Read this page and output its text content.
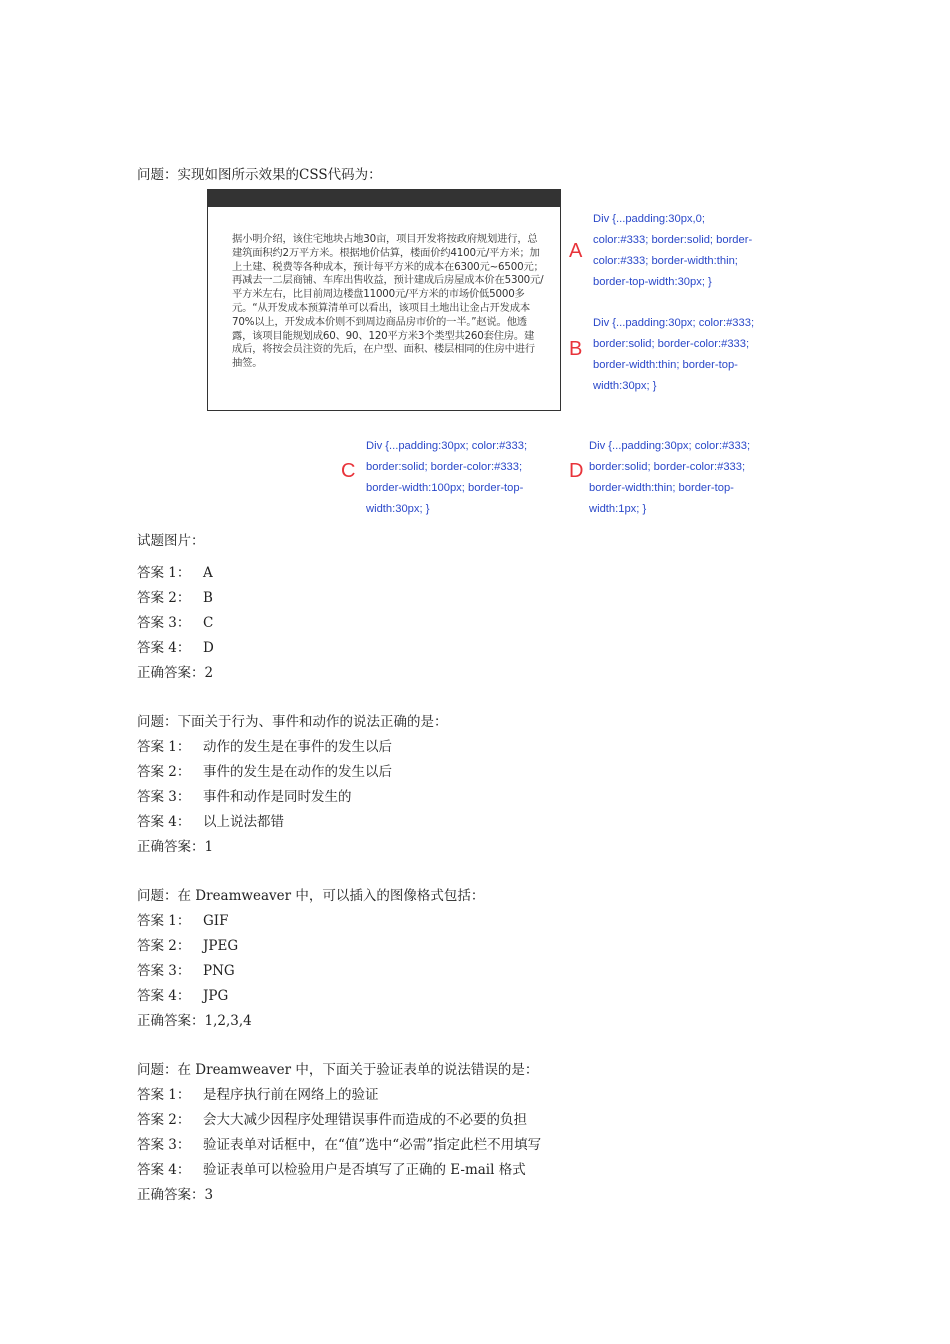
问题：实现如图所示效果的CSS代码为：
据小明介绍，该住宅地块占地30亩，项目开发将按政府规划进行，总建筑面积约2万平方米。根据地价估算，楼面价约4100元/平方米；加上土建、税费等各种成本，预计每平方米的成本在6300元~6500元；再减去一二层商铺、车库出售收益，预计建成后房屋成本价在5300元/平方米左右，比目前周边楼盘11000元/平方米的市场价低5000多元。“从开发成本预算清单可以看出，该项目土地出让金占开发成本70%以上，开发成本价则不到周边商品房市价的一半。”赵说。他透露，该项目能规划成60、90、120平方米3个类型共260套住房。建成后，将按会员注资的先后，在户型、面积、楼层相同的住房中进行抽签。
A
Div {...padding:30px,0;
color:#333; border:solid; border-
color:#333; border-width:thin;
border-top-width:30px; }
B
Div {...padding:30px; color:#333;
border:solid; border-color:#333;
border-width:thin; border-top-
width:30px; }
C
Div {...padding:30px; color:#333;
border:solid; border-color:#333;
border-width:100px; border-top-
width:30px; }
D
Div {...padding:30px; color:#333;
border:solid; border-color:#333;
border-width:thin; border-top-
width:1px; }
试题图片：
答案 1： A
答案 2： B
答案 3： C
答案 4： D
正确答案：2
问题：下面关于行为、事件和动作的说法正确的是：
答案 1： 动作的发生是在事件的发生以后
答案 2： 事件的发生是在动作的发生以后
答案 3： 事件和动作是同时发生的
答案 4： 以上说法都错
正确答案：1
问题：在 Dreamweaver 中，可以插入的图像格式包括：
答案 1： GIF
答案 2： JPEG
答案 3： PNG
答案 4： JPG
正确答案：1,2,3,4
问题：在 Dreamweaver 中，下面关于验证表单的说法错误的是：
答案 1： 是程序执行前在网络上的验证
答案 2： 会大大减少因程序处理错误事件而造成的不必要的负担
答案 3： 验证表单对话框中，在“值”选中“必需”指定此栏不用填写
答案 4： 验证表单可以检验用户是否填写了正确的 E-mail 格式
正确答案：3
